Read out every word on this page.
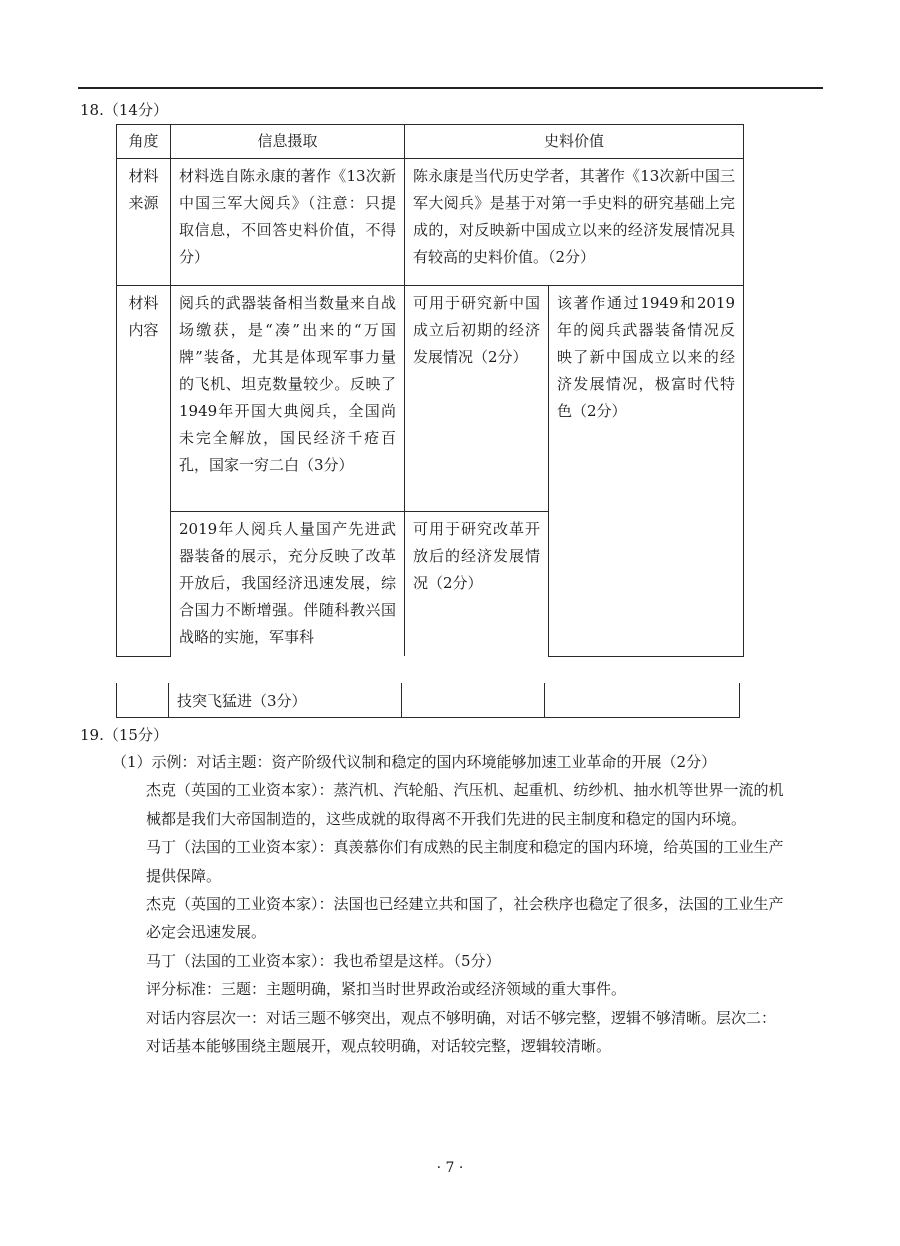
18.（14分）
角度	信息摄取	史料价值	
材料来源	材料选自陈永康的著作《13次新中国三军大阅兵》（注意：只提取信息，不回答史料价值，不得分）	陈永康是当代历史学者，其著作《13次新中国三军大阅兵》是基于对第一手史料的研究基础上完成的，对反映新中国成立以来的经济发展情况具有较高的史料价值。（2分）	
材料内容	阅兵的武器装备相当数量来自战场缴获，是“凑”出来的“万国牌”装备，尤其是体现军事力量的飞机、坦克数量较少。反映了1949年开国大典阅兵，全国尚未完全解放，国民经济千疮百孔，国家一穷二白（3分）	可用于研究新中国成立后初期的经济发展情况（2分）	该著作通过1949和2019年的阅兵武器装备情况反映了新中国成立以来的经济发展情况，极富时代特色（2分）
	2019年人阅兵人量国产先进武器装备的展示，充分反映了改革开放后，我国经济迅速发展，综合国力不断增强。伴随科教兴国战略的实施，军事科	可用于研究改革开放后的经济发展情况（2分）	
	技突飞猛进（3分）		
19.（15分）

（1）示例：对话主题：资产阶级代议制和稳定的国内环境能够加速工业革命的开展（2分）

杰克（英国的工业资本家）：蒸汽机、汽轮船、汽压机、起重机、纺纱机、抽水机等世界一流的机械都是我们大帝国制造的，这些成就的取得离不开我们先进的民主制度和稳定的国内环境。

马丁（法国的工业资本家）：真羡慕你们有成熟的民主制度和稳定的国内环境，给英国的工业生产提供保障。

杰克（英国的工业资本家）：法国也已经建立共和国了，社会秩序也稳定了很多，法国的工业生产必定会迅速发展。

马丁（法国的工业资本家）：我也希望是这样。（5分）

评分标准：三题：主题明确，紧扣当时世界政治或经济领域的重大事件。

对话内容层次一：对话三题不够突出，观点不够明确，对话不够完整，逻辑不够清晰。层次二：对话基本能够围绕主题展开，观点较明确，对话较完整，逻辑较清晰。

· 7 ·
